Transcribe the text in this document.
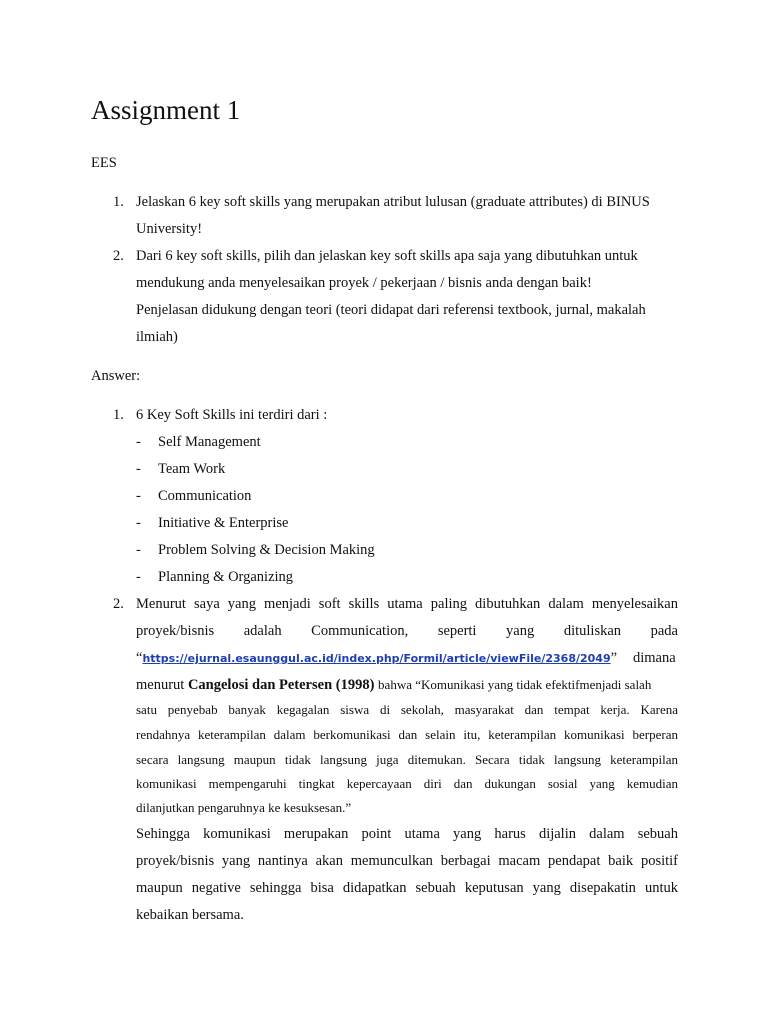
Assignment 1
EES
1. Jelaskan 6 key soft skills yang merupakan atribut lulusan (graduate attributes) di BINUS
University!
2. Dari 6 key soft skills, pilih dan jelaskan key soft skills apa saja yang dibutuhkan untuk
mendukung anda menyelesaikan proyek / pekerjaan / bisnis anda dengan baik!
Penjelasan didukung dengan teori (teori didapat dari referensi textbook, jurnal, makalah
ilmiah)
Answer:
1. 6 Key Soft Skills ini terdiri dari :
- Self Management
- Team Work
- Communication
- Initiative & Enterprise
- Problem Solving & Decision Making
- Planning & Organizing
2. Menurut saya yang menjadi soft skills utama paling dibutuhkan dalam menyelesaikan
proyek/bisnis adalah Communication, seperti yang dituliskan pada
“https://ejurnal.esaunggul.ac.id/index.php/Formil/article/viewFile/2368/2049” dimana
menurut Cangelosi dan Petersen (1998) bahwa “Komunikasi yang tidak efektifmenjadi salah
satu penyebab banyak kegagalan siswa di sekolah, masyarakat dan tempat kerja. Karena
rendahnya keterampilan dalam berkomunikasi dan selain itu, keterampilan komunikasi berperan
secara langsung maupun tidak langsung juga ditemukan. Secara tidak langsung keterampilan
komunikasi mempengaruhi tingkat kepercayaan diri dan dukungan sosial yang kemudian
dilanjutkan pengaruhnya ke kesuksesan.”
Sehingga komunikasi merupakan point utama yang harus dijalin dalam sebuah
proyek/bisnis yang nantinya akan memunculkan berbagai macam pendapat baik positif
maupun negative sehingga bisa didapatkan sebuah keputusan yang disepakatin untuk
kebaikan bersama.
